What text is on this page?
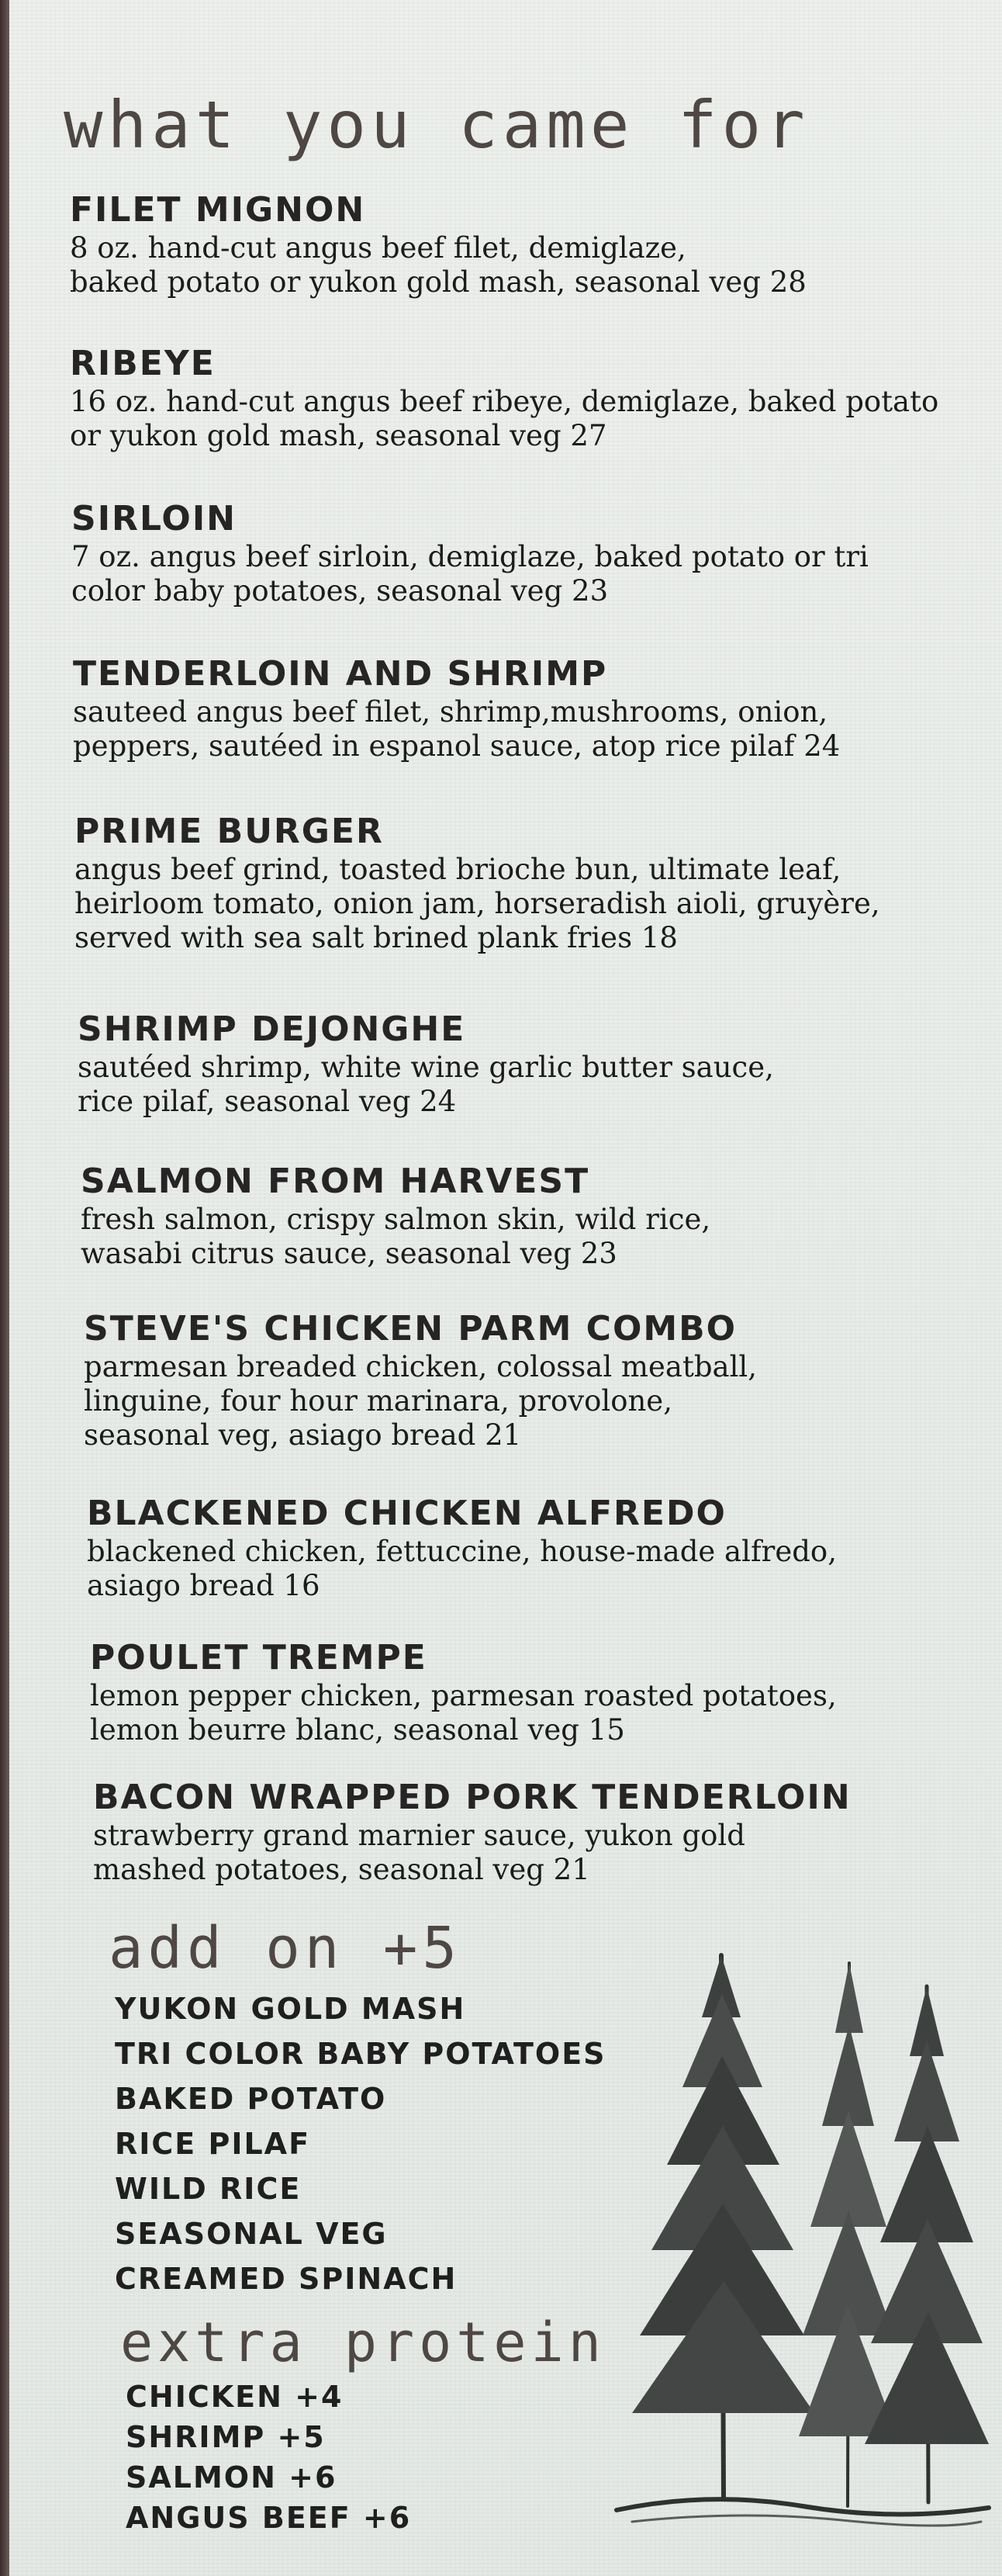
what you came for
FILET MIGNON
8 oz. hand-cut angus beef filet, demiglaze,
baked potato or yukon gold mash, seasonal veg 28
RIBEYE
16 oz. hand-cut angus beef ribeye, demiglaze, baked potato
or yukon gold mash, seasonal veg 27
SIRLOIN
7 oz. angus beef sirloin, demiglaze, baked potato or tri
color baby potatoes, seasonal veg 23
TENDERLOIN AND SHRIMP
sauteed angus beef filet, shrimp,mushrooms, onion,
peppers, sautéed in espanol sauce, atop rice pilaf 24
PRIME BURGER
angus beef grind, toasted brioche bun, ultimate leaf,
heirloom tomato, onion jam, horseradish aioli, gruyère,
served with sea salt brined plank fries 18
SHRIMP DEJONGHE
sautéed shrimp, white wine garlic butter sauce,
rice pilaf, seasonal veg 24
SALMON FROM HARVEST
fresh salmon, crispy salmon skin, wild rice,
wasabi citrus sauce, seasonal veg 23
STEVE'S CHICKEN PARM COMBO
parmesan breaded chicken, colossal meatball,
linguine, four hour marinara, provolone,
seasonal veg, asiago bread 21
BLACKENED CHICKEN ALFREDO
blackened chicken, fettuccine, house-made alfredo,
asiago bread 16
POULET TREMPE
lemon pepper chicken, parmesan roasted potatoes,
lemon beurre blanc, seasonal veg 15
BACON WRAPPED PORK TENDERLOIN
strawberry grand marnier sauce, yukon gold
mashed potatoes, seasonal veg 21
add on +5
YUKON GOLD MASH
TRI COLOR BABY POTATOES
BAKED POTATO
RICE PILAF
WILD RICE
SEASONAL VEG
CREAMED SPINACH
extra protein
CHICKEN +4
SHRIMP +5
SALMON +6
ANGUS BEEF +6
